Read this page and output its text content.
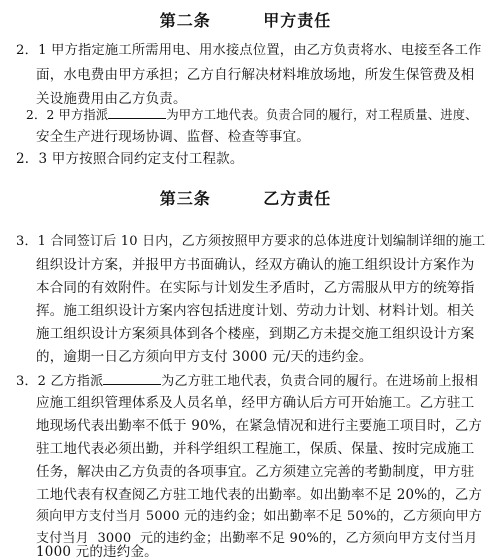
第二条        甲方责任
2．1 甲方指定施工所需用电、用水接点位置，由乙方负责将水、电接至各工作
面，水电费由甲方承担；乙方自行解决材料堆放场地，所发生保管费及相
关设施费用由乙方负责。
2．2 甲方指派	为甲方工地代表。负责合同的履行，对工程质量、进度、
安全生产进行现场协调、监督、检查等事宜。
2．3 甲方按照合同约定支付工程款。
第三条        乙方责任
3．1 合同签订后 10 日内，乙方须按照甲方要求的总体进度计划编制详细的施工
组织设计方案，并报甲方书面确认，经双方确认的施工组织设计方案作为
本合同的有效附件。在实际与计划发生矛盾时，乙方需服从甲方的统筹指
挥。施工组织设计方案内容包括进度计划、劳动力计划、材料计划。相关
施工组织设计方案须具体到各个楼座，到期乙方未提交施工组织设计方案
的，逾期一日乙方须向甲方支付 3000 元/天的违约金。
3．2 乙方指派	为乙方驻工地代表，负责合同的履行。在进场前上报相
应施工组织管理体系及人员名单，经甲方确认后方可开始施工。乙方驻工
地现场代表出勤率不低于 90%，在紧急情况和进行主要施工项目时，乙方
驻工地代表必须出勤，并科学组织工程施工，保质、保量、按时完成施工
任务，解决由乙方负责的各项事宜。乙方须建立完善的考勤制度，甲方驻
工地代表有权查阅乙方驻工地代表的出勤率。如出勤率不足 20%的，乙方
须向甲方支付当月 5000 元的违约金；如出勤率不足 50%的，乙方须向甲方
支付当月  3000  元的违约金；出勤率不足 90%的，乙方须向甲方支付当月
1000 元的违约金。
